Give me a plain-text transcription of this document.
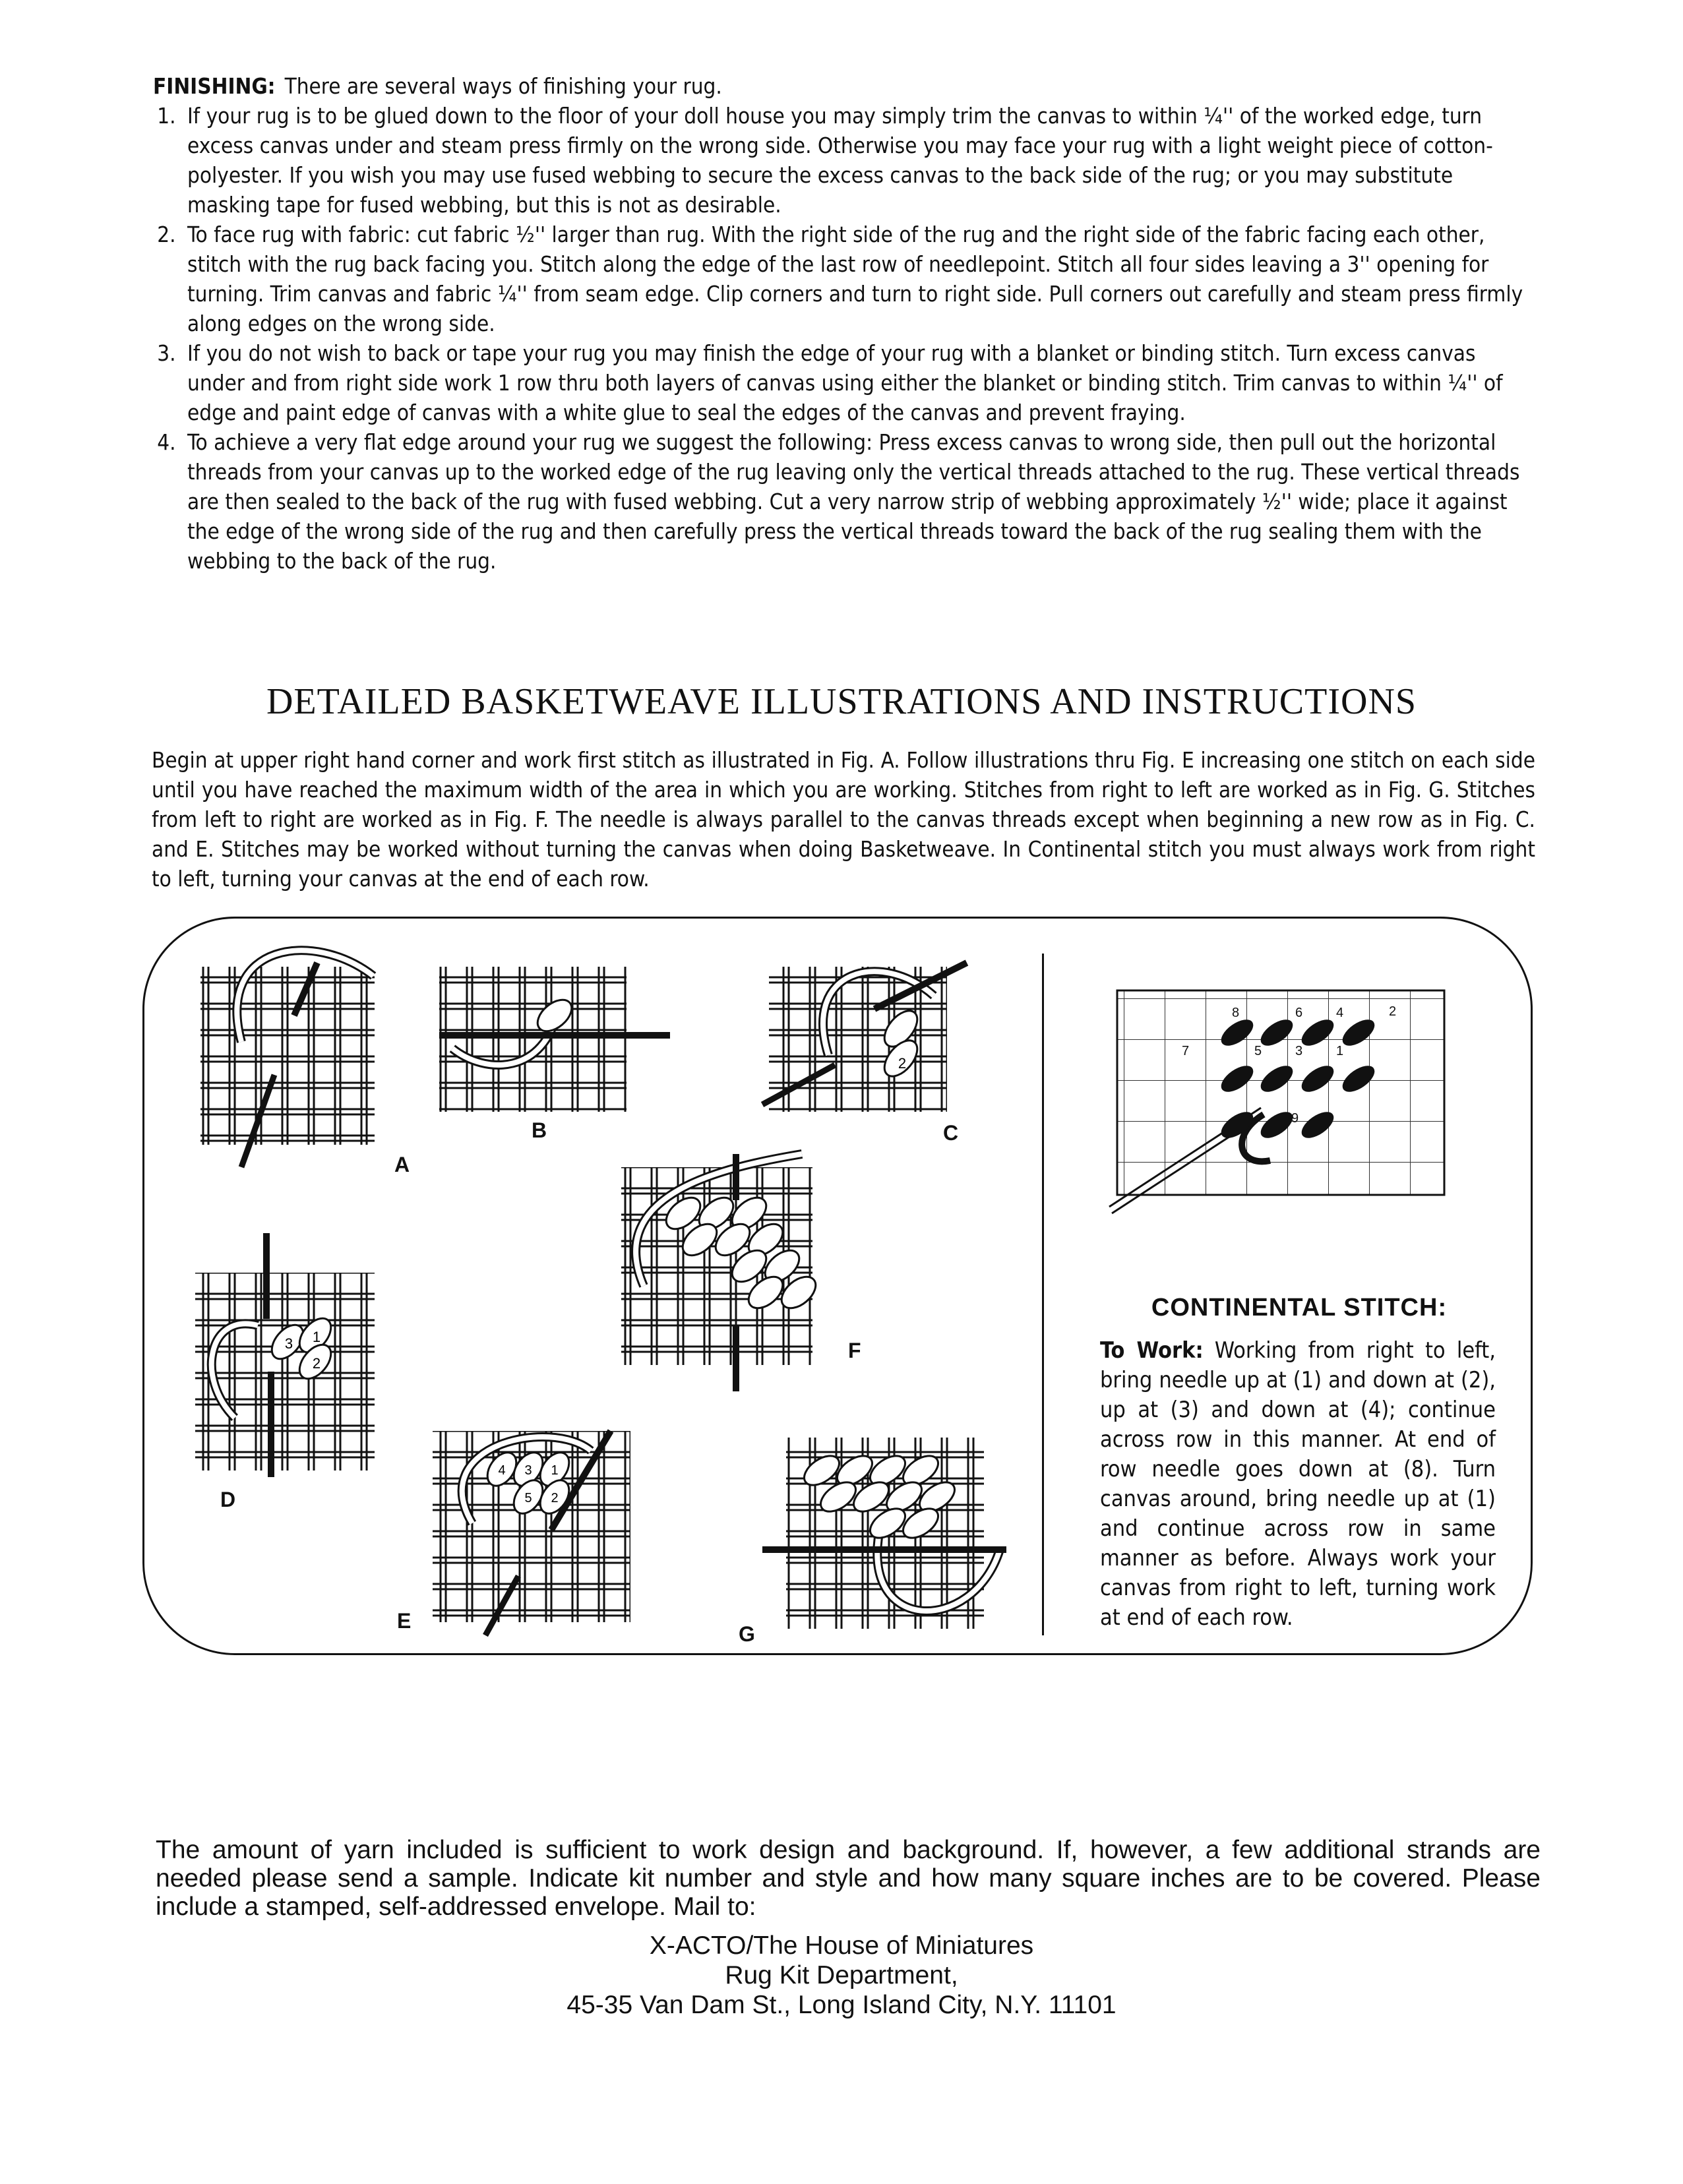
FINISHING: There are several ways of finishing your rug.
1. If your rug is to be glued down to the floor of your doll house you may simply trim the canvas to within ¼'' of the worked edge, turn excess canvas under and steam press firmly on the wrong side. Otherwise you may face your rug with a light weight piece of cotton-polyester. If you wish you may use fused webbing to secure the excess canvas to the back side of the rug; or you may substitute masking tape for fused webbing, but this is not as desirable.
2. To face rug with fabric: cut fabric ½'' larger than rug. With the right side of the rug and the right side of the fabric facing each other, stitch with the rug back facing you. Stitch along the edge of the last row of needlepoint. Stitch all four sides leaving a 3'' opening for turning. Trim canvas and fabric ¼'' from seam edge. Clip corners and turn to right side. Pull corners out carefully and steam press firmly along edges on the wrong side.
3. If you do not wish to back or tape your rug you may finish the edge of your rug with a blanket or binding stitch. Turn excess canvas under and from right side work 1 row thru both layers of canvas using either the blanket or binding stitch. Trim canvas to within ¼'' of edge and paint edge of canvas with a white glue to seal the edges of the canvas and prevent fraying.
4. To achieve a very flat edge around your rug we suggest the following: Press excess canvas to wrong side, then pull out the horizontal threads from your canvas up to the worked edge of the rug leaving only the vertical threads attached to the rug. These vertical threads are then sealed to the back of the rug with fused webbing. Cut a very narrow strip of webbing approximately ½'' wide; place it against the edge of the wrong side of the rug and then carefully press the vertical threads toward the back of the rug sealing them with the webbing to the back of the rug.
DETAILED BASKETWEAVE ILLUSTRATIONS AND INSTRUCTIONS
Begin at upper right hand corner and work first stitch as illustrated in Fig. A. Follow illustrations thru Fig. E increasing one stitch on each side until you have reached the maximum width of the area in which you are working. Stitches from right to left are worked as in Fig. G. Stitches from left to right are worked as in Fig. F. The needle is always parallel to the canvas threads except when beginning a new row as in Fig. C. and E. Stitches may be worked without turning the canvas when doing Basketweave. In Continental stitch you must always work from right to left, turning your canvas at the end of each row.
2
3 1
2
4 3 1
5 2
8	6	4	2
7	5	3	1
9
A
B	C
D
E
F
G
CONTINENTAL STITCH:
To Work: Working from right to left, bring needle up at (1) and down at (2), up at (3) and down at (4); continue across row in this manner. At end of row needle goes down at (8). Turn canvas around, bring needle up at (1) and continue across row in same manner as before. Always work your canvas from right to left, turning work at end of each row.
The amount of yarn included is sufficient to work design and background. If, however, a few additional strands are needed please send a sample. Indicate kit number and style and how many square inches are to be covered. Please include a stamped, self-addressed envelope. Mail to:
X-ACTO/The House of Miniatures
Rug Kit Department,
45-35 Van Dam St., Long Island City, N.Y. 11101
